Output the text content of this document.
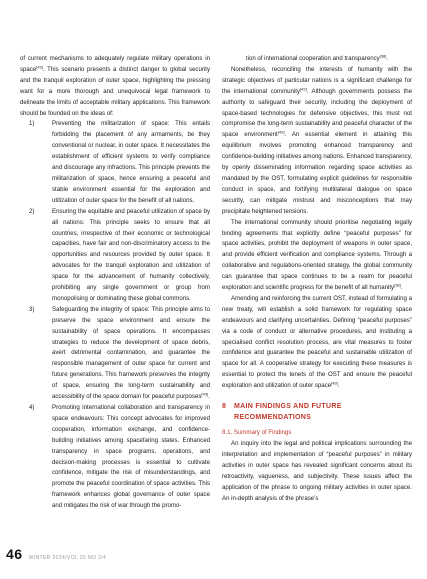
of current mechanisms to adequately regulate military operations in space[43]. This scenario presents a distinct danger to global security and the tranquil exploration of outer space, highlighting the pressing want for a more thorough and unequivocal legal framework to delineate the limits of acceptable military applications. This framework should be founded on the ideas of:

1)	Preventing the militarization of space: This entails forbidding the placement of any armaments, be they conventional or nuclear, in outer space. It necessitates the establishment of efficient systems to verify compliance and discourage any infractions. This principle prevents the militarization of space, hence ensuring a peaceful and stable environment essential for the exploration and utilization of outer space for the benefit of all nations.
2)	Ensuring the equitable and peaceful utilization of space by all nations: This principle seeks to ensure that all countries, irrespective of their economic or technological capacities, have fair and non-discriminatory access to the opportunities and resources provided by outer space. It advocates for the tranquil exploration and utilization of space for the advancement of humanity collectively, prohibiting any single government or group from monopolising or dominating these global commons.
3)	Safeguarding the integrity of space: This principle aims to preserve the space environment and ensure the sustainability of space operations. It encompasses strategies to reduce the development of space debris, avert detrimental contamination, and guarantee the responsible management of outer space for current and future generations. This framework preserves the integrity of space, ensuring the long-term sustainability and accessibility of the space domain for peaceful purposes[43].
4)	Promoting international collaboration and transparency in space endeavours: This concept advocates for improved cooperation, information exchange, and confidence-building initiatives among spacefaring states. Enhanced transparency in space programs, operations, and decision-making processes is essential to cultivate confidence, mitigate the risk of misunderstandings, and promote the peaceful coordination of space activities. This framework enhances global governance of outer space and mitigates the risk of war through the promo-

tion of international cooperation and transparency[38].

Nonetheless, reconciling the interests of humanity with the strategic objectives of particular nations is a significant challenge for the international community[42]. Although governments possess the authority to safeguard their security, including the deployment of space-based technologies for defensive objectives, this must not compromise the long-term sustainability and peaceful character of the space environment[42]. An essential element in attaining this equilibrium involves promoting enhanced transparency and confidence-building initiatives among nations. Enhanced transparency, by openly disseminating information regarding space activities as mandated by the OST, formulating explicit guidelines for responsible conduct in space, and fortifying multilateral dialogue on space security, can mitigate mistrust and misconceptions that may precipitate heightened tensions.

The international community should prioritise negotiating legally binding agreements that explicitly define “peaceful purposes” for space activities, prohibit the deployment of weapons in outer space, and provide efficient verification and compliance systems. Through a collaborative and regulations-oriented strategy, the global community can guarantee that space continues to be a realm for peaceful exploration and scientific progress for the benefit of all humanity[38].

Amending and reinforcing the current OST, instead of formulating a new treaty, will establish a solid framework for regulating space endeavours and clarifying uncertainties. Defining “peaceful purposes” via a code of conduct or alternative procedures, and instituting a specialised conflict resolution process, are vital measures to foster confidence and guarantee the peaceful and sustainable utilization of space for all. A cooperative strategy for executing these measures is essential to protect the tenets of the OST and ensure the peaceful exploration and utilization of outer space[43].

8	MAIN FINDINGS AND FUTURE RECOMMENDATIONS
8.1. Summary of Findings

An inquiry into the legal and political implications surrounding the interpretation and implementation of “peaceful purposes” in military activities in outer space has revealed significant concerns about its retroactivity, vagueness, and subjectivity. These issues affect the application of the phrase to ongoing military activities in outer space. An in-depth analysis of the phrase’s

46 WINTER 2024/VOL 25 NO 3/4
